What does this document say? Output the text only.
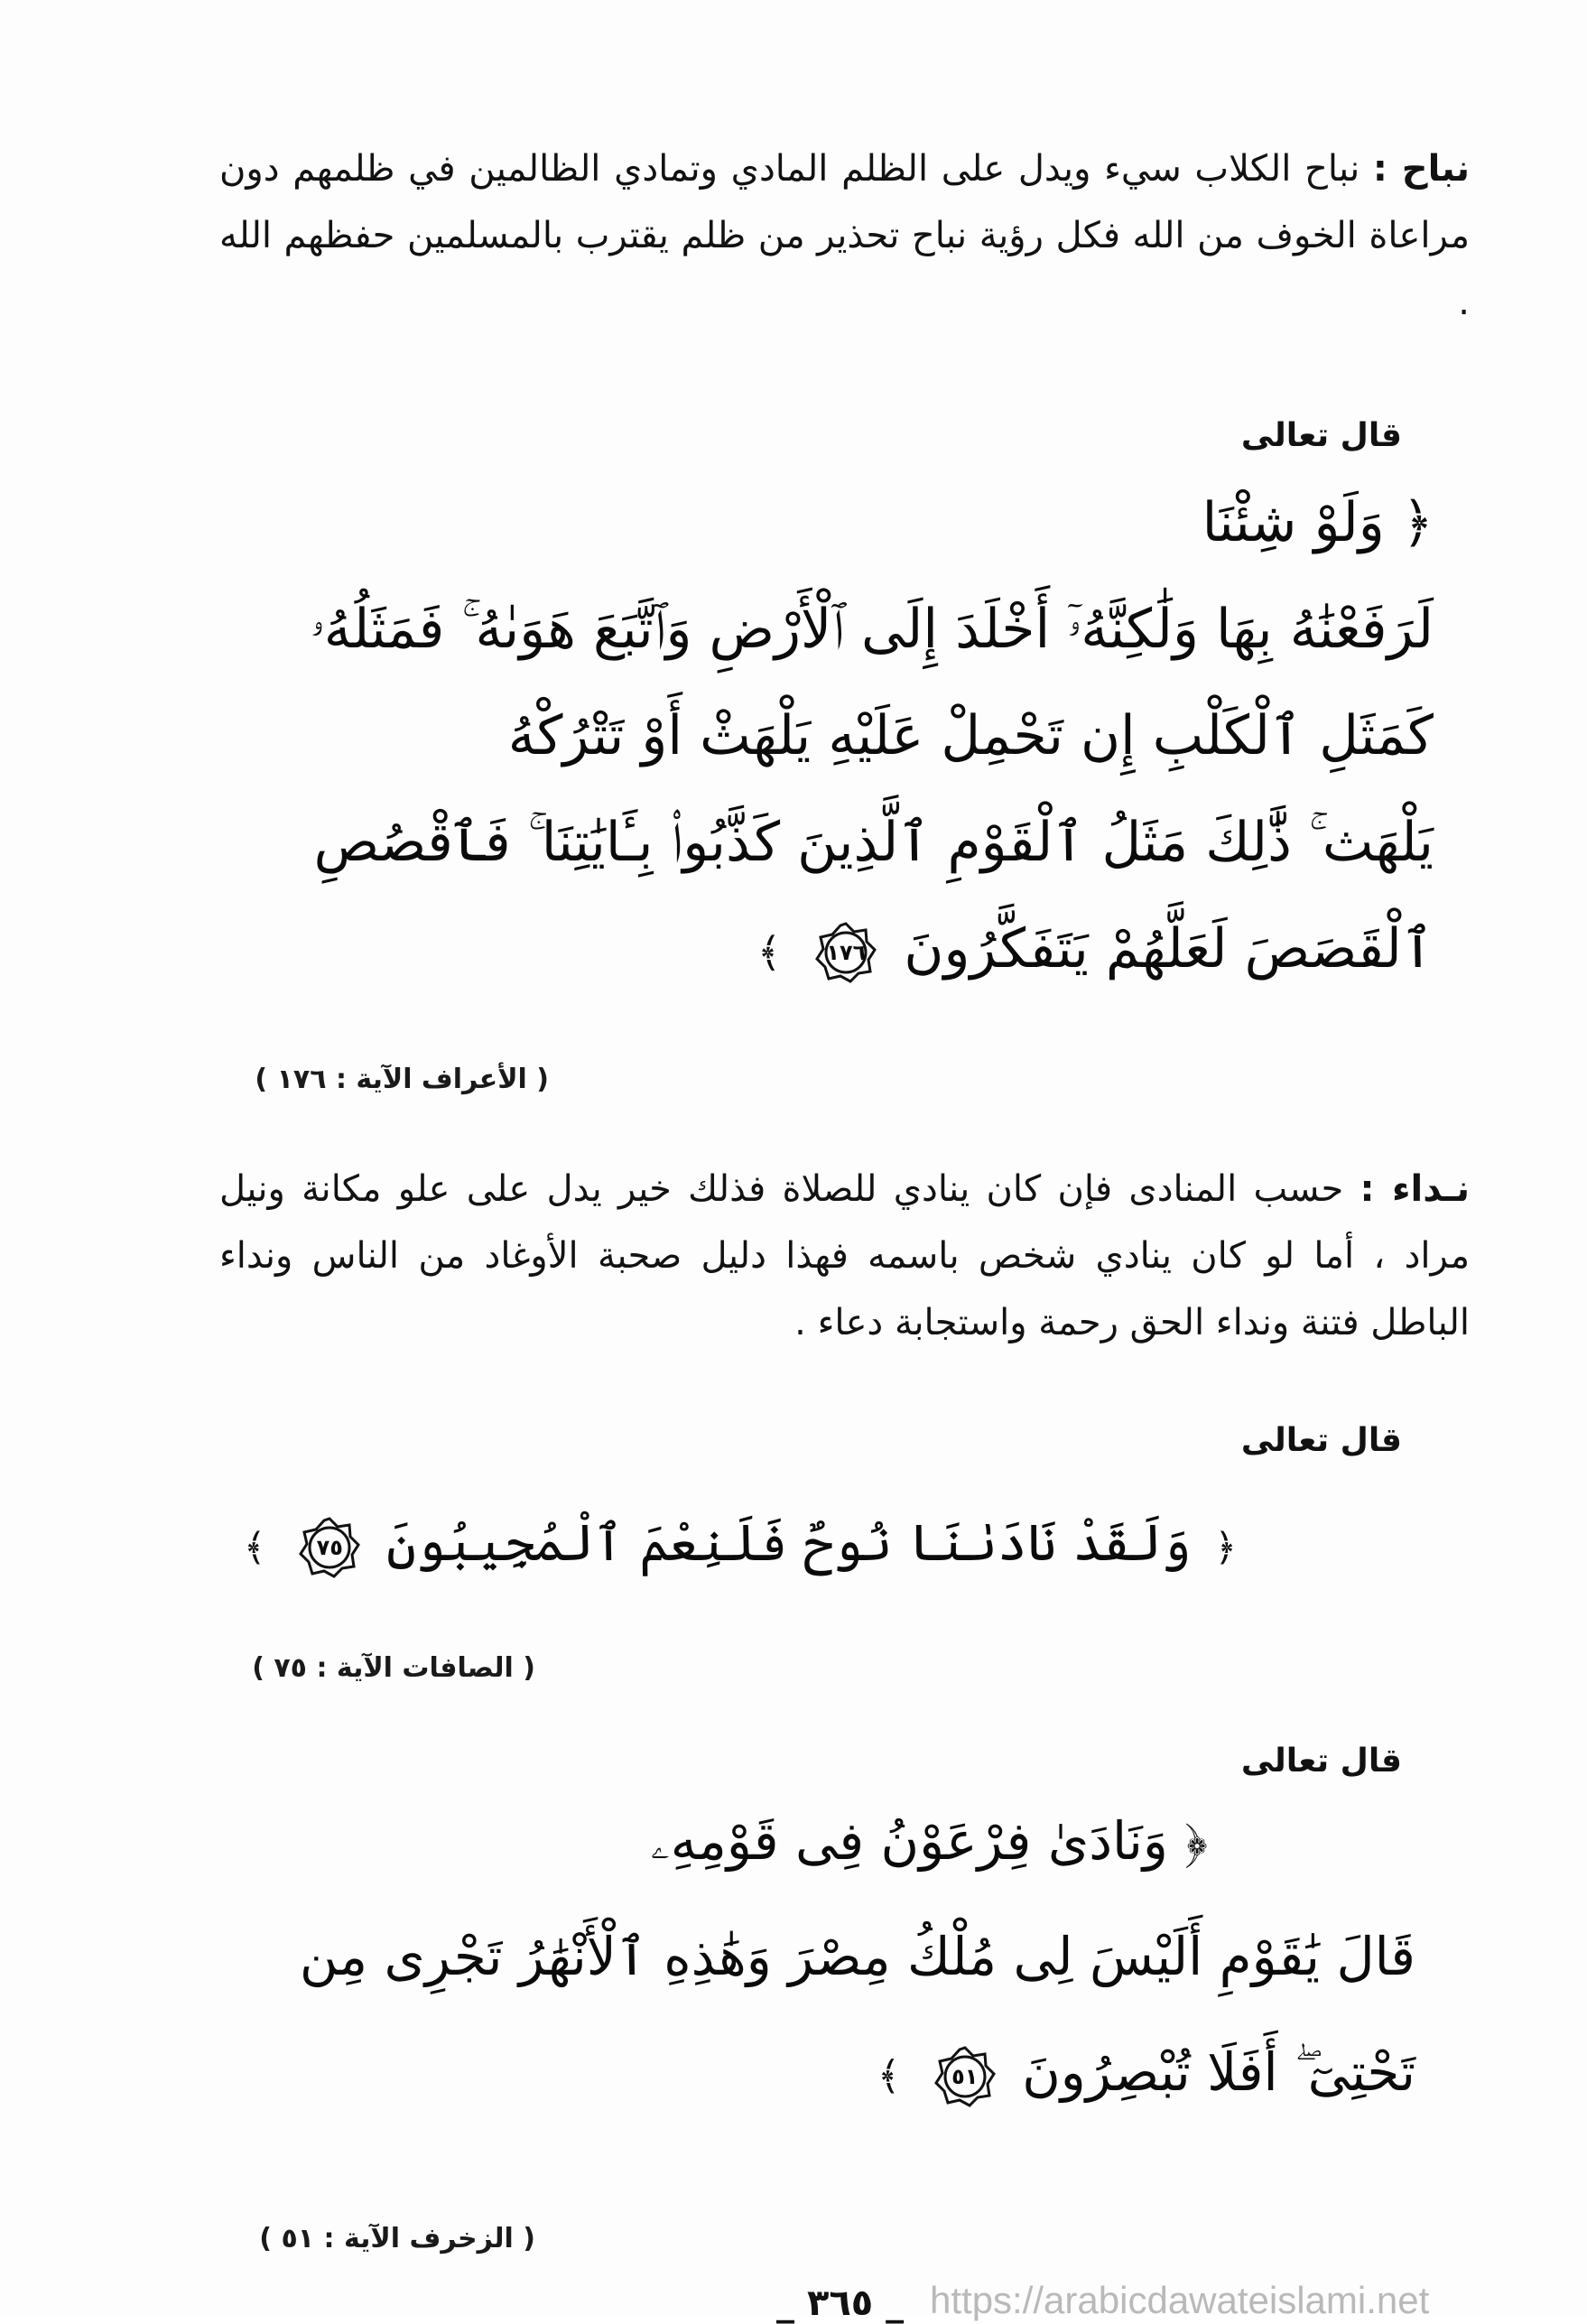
نباح : نباح الكلاب سيء ويدل على الظلم المادي وتمادي الظالمين في ظلمهم دون مراعاة الخوف من الله فكل رؤية نباح تحذير من ظلم يقترب بالمسلمين حفظهم الله .
قال تعالى
﴿ وَلَوْ شِئْنَا
لَرَفَعْنَٰهُ بِهَا وَلَٰكِنَّهُۥٓ أَخْلَدَ إِلَى ٱلْأَرْضِ وَٱتَّبَعَ هَوَىٰهُ ۚ فَمَثَلُهُۥ
كَمَثَلِ ٱلْكَلْبِ إِن تَحْمِلْ عَلَيْهِ يَلْهَثْ أَوْ تَتْرُكْهُ
يَلْهَث ۚ ذَّٰلِكَ مَثَلُ ٱلْقَوْمِ ٱلَّذِينَ كَذَّبُوا۟ بِـَٔايَٰتِنَا ۚ فَٱقْصُصِ
ٱلْقَصَصَ لَعَلَّهُمْ يَتَفَكَّرُونَ
١٧٦
﴾
( الأعراف الآية : ١٧٦ )
نـداء : حسب المنادى فإن كان ينادي للصلاة فذلك خير يدل على علو مكانة ونيل مراد ، أما لو كان ينادي شخص باسمه فهذا دليل صحبة الأوغاد من الناس ونداء الباطل فتنة ونداء الحق رحمة واستجابة دعاء .
قال تعالى
﴿ وَلَقَدْ نَادَىٰنَا نُوحٌ فَلَنِعْمَ ٱلْمُجِيبُونَ
٧٥
﴾
( الصافات الآية : ٧٥ )
قال تعالى
﴿ وَنَادَىٰ فِرْعَوْنُ فِى قَوْمِهِۦ
قَالَ يَٰقَوْمِ أَلَيْسَ لِى مُلْكُ مِصْرَ وَهَٰذِهِ ٱلْأَنْهَٰرُ تَجْرِى مِن
تَحْتِىٓ ۖ أَفَلَا تُبْصِرُونَ
٥١
﴾
( الزخرف الآية : ٥١ )
_ ٣٦٥ _ https://arabicdawateislami.net
